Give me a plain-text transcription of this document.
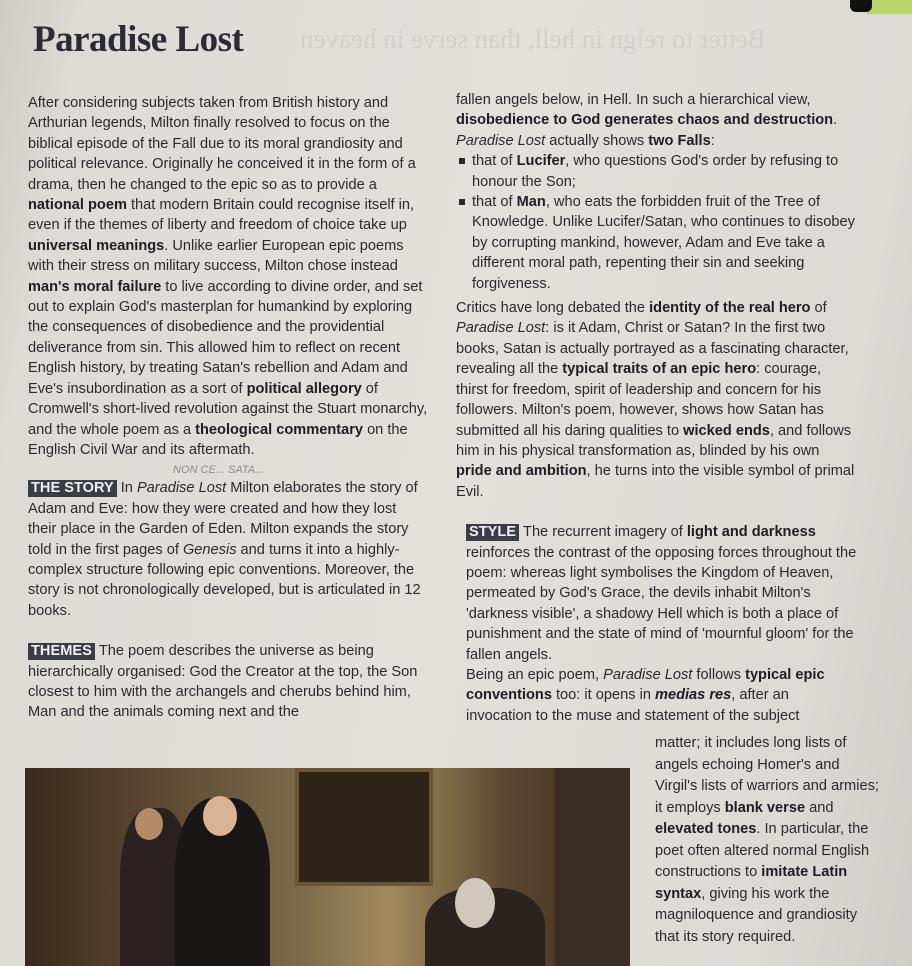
Better to reign in hell, than serve in heaven
Paradise Lost

After considering subjects taken from British history and Arthurian legends, Milton finally resolved to focus on the biblical episode of the Fall due to its moral grandiosity and political relevance. Originally he conceived it in the form of a drama, then he changed to the epic so as to provide a national poem that modern Britain could recognise itself in, even if the themes of liberty and freedom of choice take up universal meanings. Unlike earlier European epic poems with their stress on military success, Milton chose instead man's moral failure to live according to divine order, and set out to explain God's masterplan for humankind by exploring the consequences of disobedience and the providential deliverance from sin. This allowed him to reflect on recent English history, by treating Satan's rebellion and Adam and Eve's insubordination as a sort of political allegory of Cromwell's short-lived revolution against the Stuart monarchy, and the whole poem as a theological commentary on the English Civil War and its aftermath.

NON CE... SATA...

THE STORY In Paradise Lost Milton elaborates the story of Adam and Eve: how they were created and how they lost their place in the Garden of Eden. Milton expands the story told in the first pages of Genesis and turns it into a highly-complex structure following epic conventions. Moreover, the story is not chronologically developed, but is articulated in 12 books.

THEMES The poem describes the universe as being hierarchically organised: God the Creator at the top, the Son closest to him with the archangels and cherubs behind him, Man and the animals coming next and the

fallen angels below, in Hell. In such a hierarchical view, disobedience to God generates chaos and destruction.

Paradise Lost actually shows two Falls:

that of Lucifer, who questions God's order by refusing to honour the Son;
that of Man, who eats the forbidden fruit of the Tree of Knowledge. Unlike Lucifer/Satan, who continues to disobey by corrupting mankind, however, Adam and Eve take a different moral path, repenting their sin and seeking forgiveness.

Critics have long debated the identity of the real hero of Paradise Lost: is it Adam, Christ or Satan? In the first two books, Satan is actually portrayed as a fascinating character, revealing all the typical traits of an epic hero: courage, thirst for freedom, spirit of leadership and concern for his followers. Milton's poem, however, shows how Satan has submitted all his daring qualities to wicked ends, and follows him in his physical transformation as, blinded by his own pride and ambition, he turns into the visible symbol of primal Evil.

STYLE The recurrent imagery of light and darkness reinforces the contrast of the opposing forces throughout the poem: whereas light symbolises the Kingdom of Heaven, permeated by God's Grace, the devils inhabit Milton's 'darkness visible', a shadowy Hell which is both a place of punishment and the state of mind of 'mournful gloom' for the fallen angels.

Being an epic poem, Paradise Lost follows typical epic conventions too: it opens in medias res, after an invocation to the muse and statement of the subject

matter; it includes long lists of angels echoing Homer's and Virgil's lists of warriors and armies; it employs blank verse and elevated tones. In particular, the poet often altered normal English constructions to imitate Latin syntax, giving his work the magniloquence and grandiosity that its story required.
